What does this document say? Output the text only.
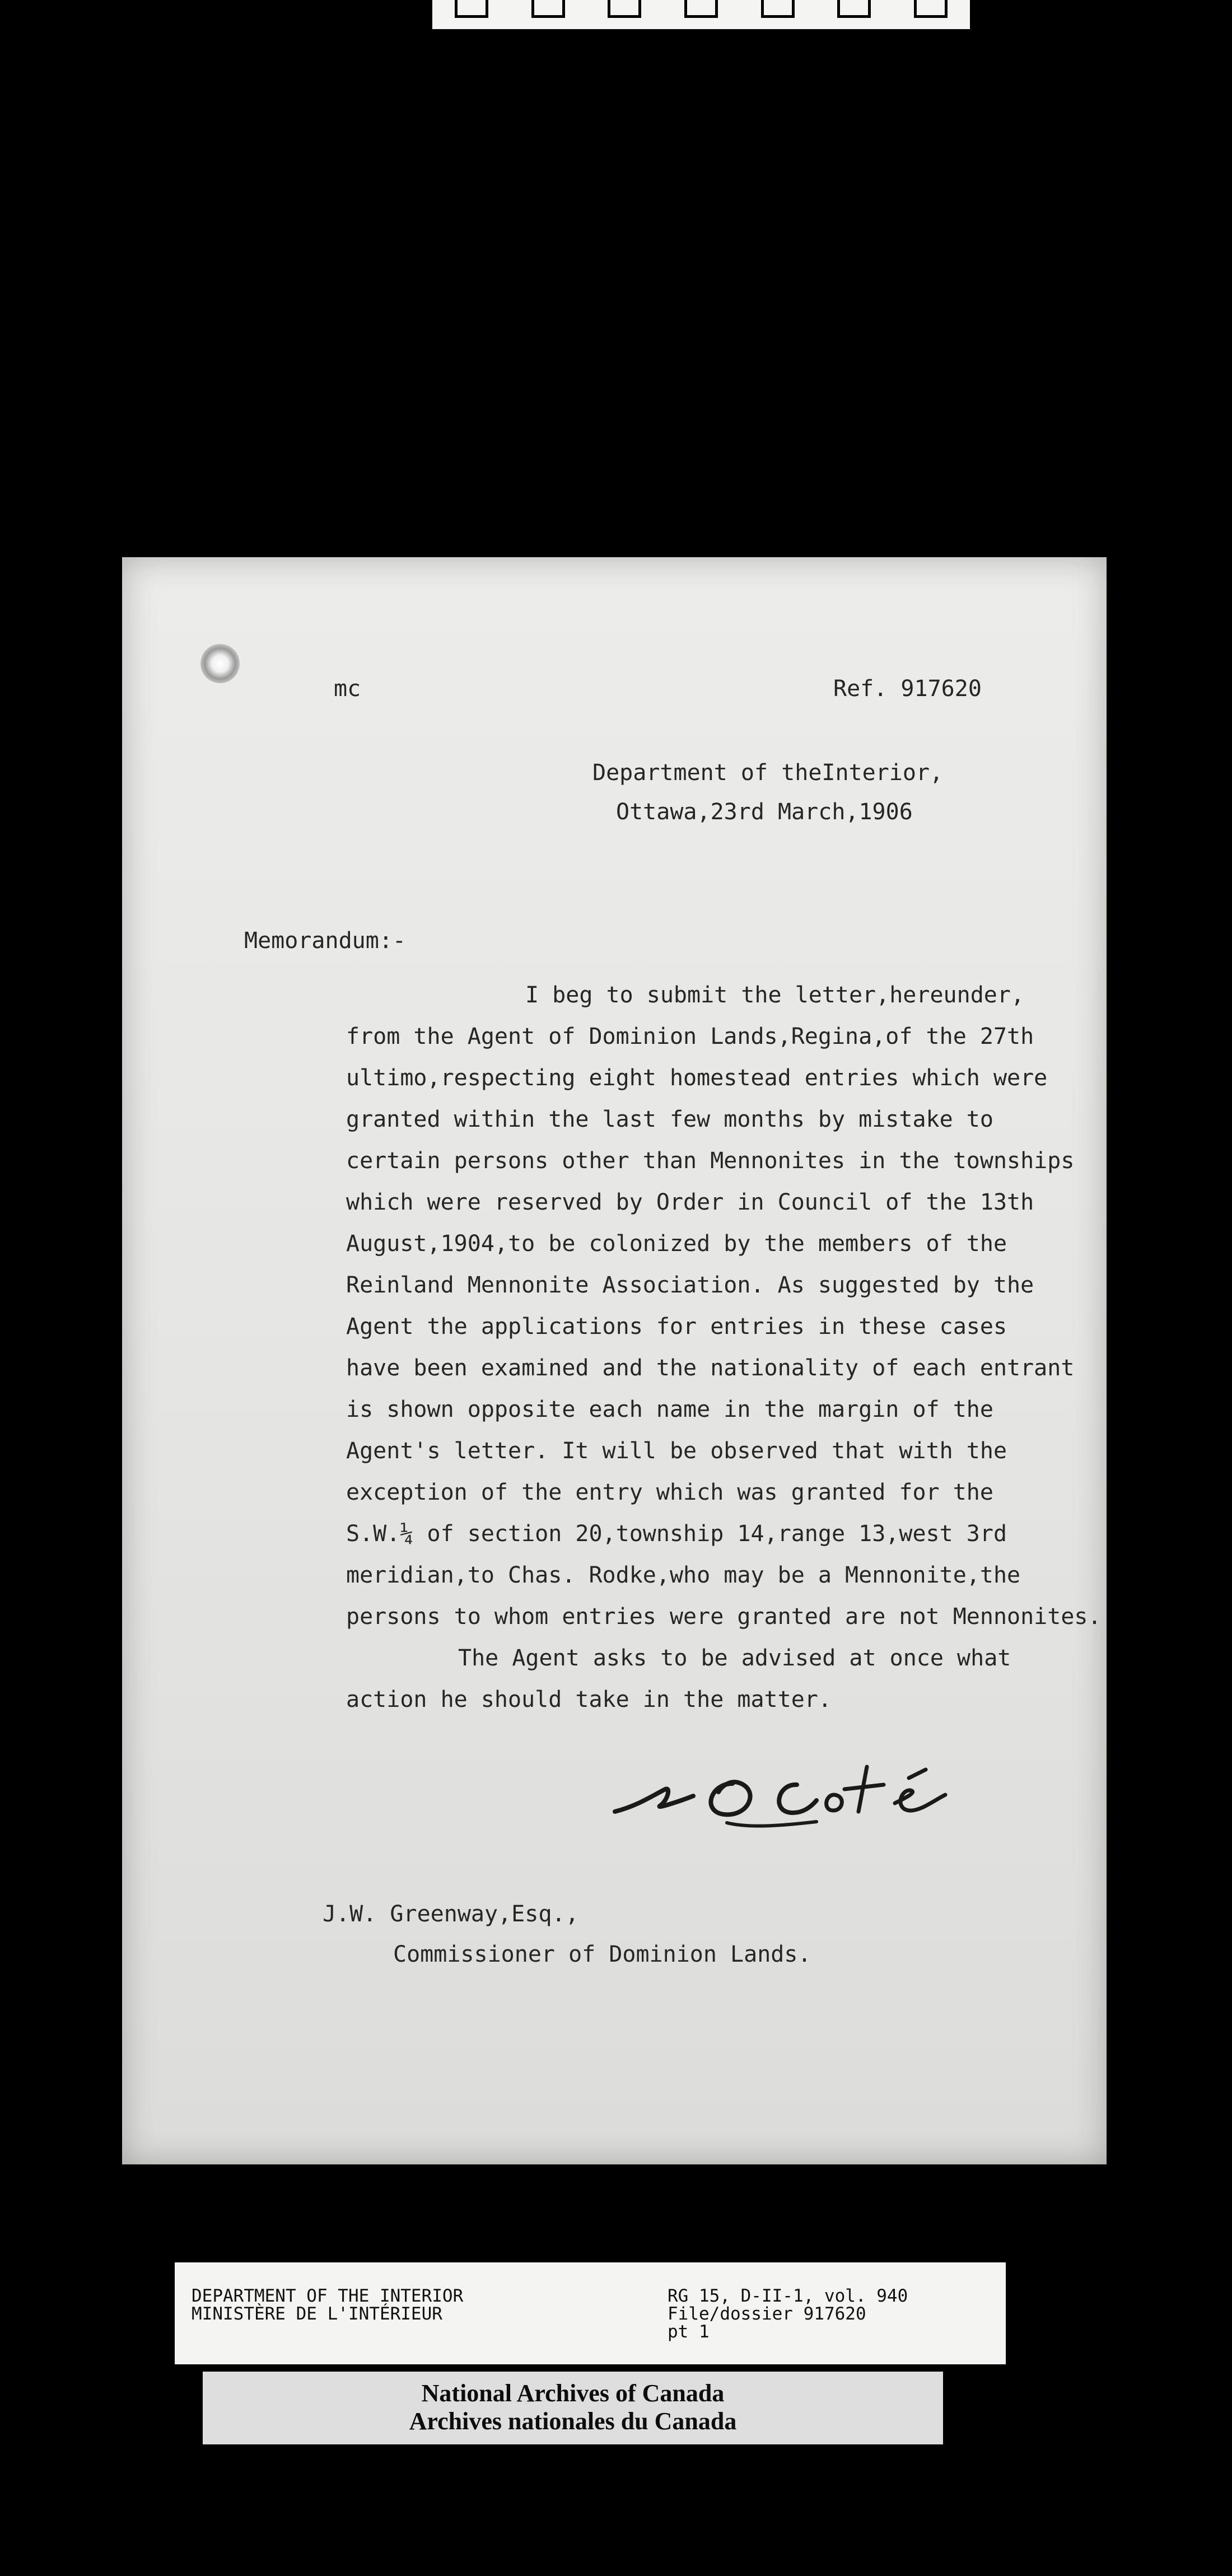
mc	Ref. 917620
Department of theInterior,
Ottawa,23rd March,1906
Memorandum:-

I beg to submit the letter,hereunder,

from the Agent of Dominion Lands,Regina,of the 27th

ultimo,respecting eight homestead entries which were

granted within the last few months by mistake to

certain persons other than Mennonites in the townships

which were reserved by Order in Council of the 13th

August,1904,to be colonized by the members of the

Reinland Mennonite Association. As suggested by the

Agent the applications for entries in these cases

have been examined and the nationality of each entrant

is shown opposite each name in the margin of the

Agent's letter. It will be observed that with the

exception of the entry which was granted for the

S.W.¼ of section 20,township 14,range 13,west 3rd

meridian,to Chas. Rodke,who may be a Mennonite,the

persons to whom entries were granted are not Mennonites.

The Agent asks to be advised at once what

action he should take in the matter.

J.W. Greenway,Esq.,
Commissioner of Dominion Lands.
DEPARTMENT OF THE INTERIOR
MINISTÈRE DE L'INTÉRIEUR
RG 15, D-II-1, vol. 940
File/dossier 917620
pt 1
National Archives of Canada
Archives nationales du Canada
